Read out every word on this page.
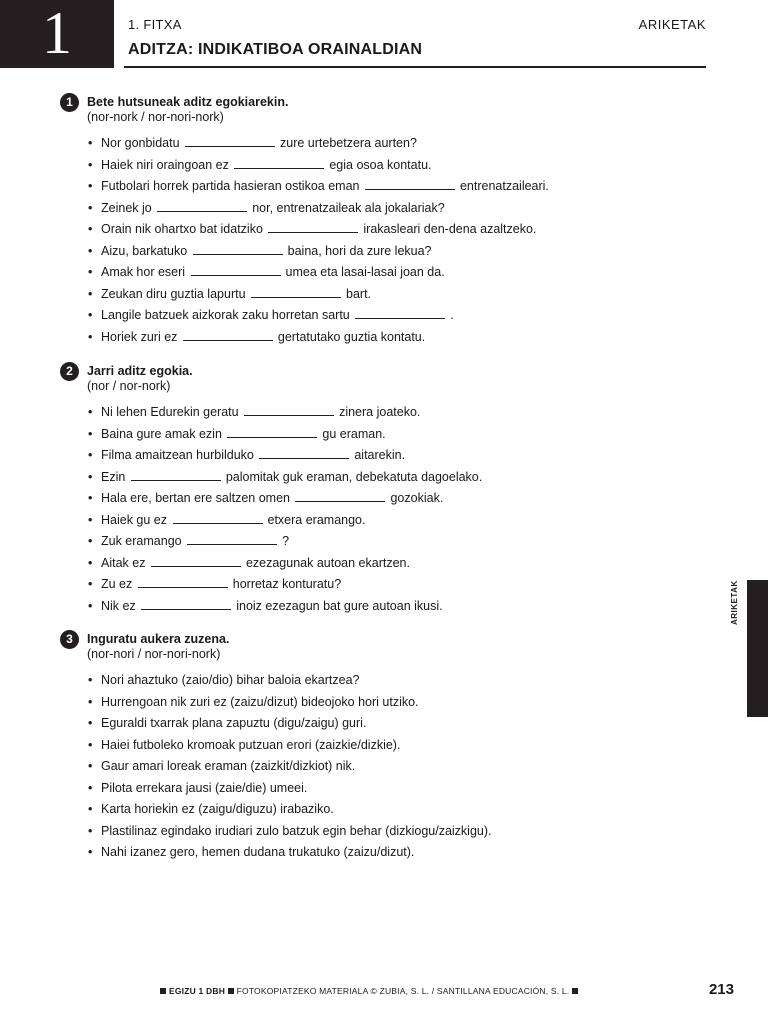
1	1. FITXA	ARIKETAK
ADITZA: INDIKATIBOA ORAINALDIAN
1	Bete hutsuneak aditz egokiarekin.
(nor-nork / nor-nori-nork)
• Nor gonbidatu	zure urtebetzera aurten?
• Haiek niri oraingoan ez	egia osoa kontatu.
• Futbolari horrek partida hasieran ostikoa eman	entrenatzaileari.
• Zeinek jo	nor, entrenatzaileak ala jokalariak?
• Orain nik ohartxo bat idatziko	irakasleari den-dena azaltzeko.
• Aizu, barkatuko	baina, hori da zure lekua?
• Amak hor eseri	umea eta lasai-lasai joan da.
• Zeukan diru guztia lapurtu	bart.
• Langile batzuek aizkorak zaku horretan sartu	.
• Horiek zuri ez	gertatutako guztia kontatu.
2	Jarri aditz egokia.
(nor / nor-nork)
• Ni lehen Edurekin geratu	zinera joateko.
• Baina gure amak ezin	gu eraman.
• Filma amaitzean hurbilduko	aitarekin.
• Ezin	palomitak guk eraman, debekatuta dagoelako.
• Hala ere, bertan ere saltzen omen	gozokiak.
• Haiek gu ez	etxera eramango.
• Zuk eramango	?
• Aitak ez	ezezagunak autoan ekartzen.
• Zu ez	horretaz konturatu?
• Nik ez	inoiz ezezagun bat gure autoan ikusi.
3	Inguratu aukera zuzena.
(nor-nori / nor-nori-nork)
• Nori ahaztuko (zaio/dio) bihar baloia ekartzea?
• Hurrengoan nik zuri ez (zaizu/dizut) bideojoko hori utziko.
• Eguraldi txarrak plana zapuztu (digu/zaigu) guri.
• Haiei futboleko kromoak putzuan erori (zaizkie/dizkie).
• Gaur amari loreak eraman (zaizkit/dizkiot) nik.
• Pilota errekara jausi (zaie/die) umeei.
• Karta horiekin ez (zaigu/diguzu) irabaziko.
• Plastilinaz egindako irudiari zulo batzuk egin behar (dizkiogu/zaizkigu).
• Nahi izanez gero, hemen dudana trukatuko (zaizu/dizut).
ARIKETAK
EGIZU 1 DBH FOTOKOPIATZEKO MATERIALA © ZUBIA, S. L. / SANTILLANA EDUCACIÓN, S. L.	213
